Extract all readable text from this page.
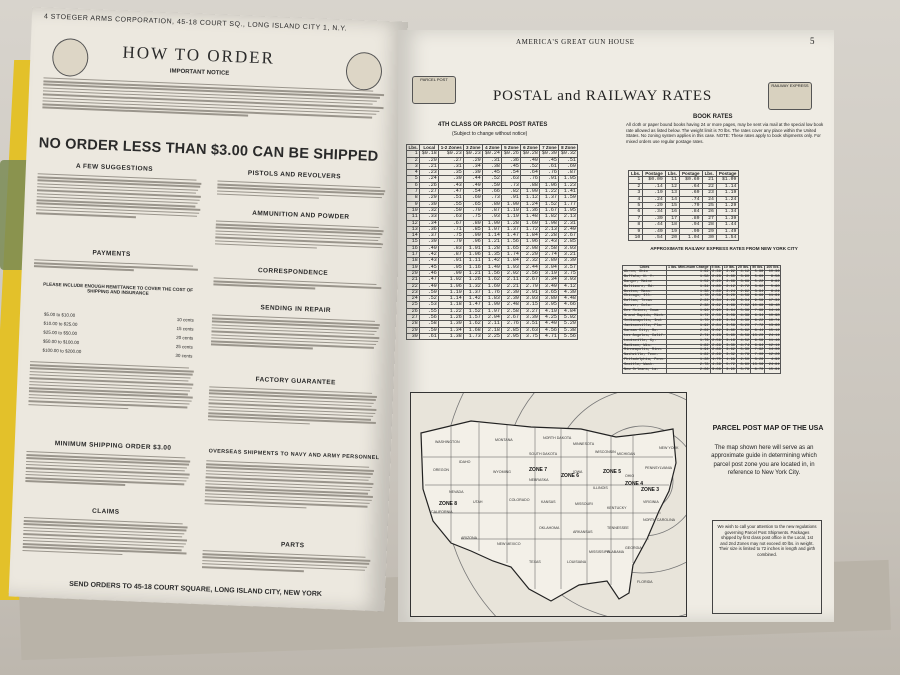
4 STOEGER ARMS CORPORATION, 45-18 COURT SQ., LONG ISLAND CITY 1, N.Y.
HOW TO ORDER
IMPORTANT NOTICE
NO ORDER LESS THAN $3.00 CAN BE SHIPPED
A FEW SUGGESTIONS
PAYMENTS
PLEASE INCLUDE ENOUGH REMITTANCE TO COVER THE COST OF SHIPPING AND INSURANCE
$5.00 to $10.00
10 cents
$10.00 to $25.00
15 cents
$25.00 to $50.00
20 cents
$50.00 to $100.00
25 cents
$100.00 to $200.00
30 cents
MINIMUM SHIPPING ORDER $3.00
CLAIMS
PISTOLS AND REVOLVERS
AMMUNITION AND POWDER
CORRESPONDENCE
SENDING IN REPAIR
FACTORY GUARANTEE
OVERSEAS SHIPMENTS TO NAVY AND ARMY PERSONNEL
PARTS
SEND ORDERS TO 45-18 COURT SQUARE, LONG ISLAND CITY, NEW YORK
AMERICA'S GREAT GUN HOUSE	5
PARCEL POST
RAILWAY EXPRESS
POSTAL and RAILWAY RATES
4TH CLASS OR PARCEL POST RATES
(Subject to change without notice)
Lbs.	Local	1-2 Zones	3 Zone	4 Zone	5 Zone	6 Zone	7 Zone	8 Zone
1	$0.18	$0.23	$0.23	$0.24	$0.26	$0.28	$0.30	$0.32
2	.20	.27	.29	.31	.36	.40	.45	.51
3	.21	.31	.34	.38	.45	.52	.61	.69
4	.23	.35	.39	.45	.54	.64	.76	.87
5	.24	.39	.44	.52	.63	.76	.91	1.05
6	.26	.43	.49	.59	.73	.88	1.06	1.23
7	.27	.47	.54	.66	.82	1.00	1.22	1.41
8	.29	.51	.60	.73	.91	1.12	1.37	1.59
9	.30	.55	.65	.80	1.00	1.24	1.52	1.77
10	.32	.59	.70	.87	1.10	1.36	1.67	1.95
11	.33	.63	.75	.93	1.19	1.48	1.82	2.13
12	.34	.67	.80	1.00	1.28	1.60	1.98	2.31
13	.36	.71	.85	1.07	1.37	1.72	2.13	2.49
14	.37	.75	.90	1.14	1.47	1.84	2.28	2.67
15	.39	.79	.96	1.21	1.56	1.96	2.43	2.85
16	.40	.83	1.01	1.28	1.65	2.08	2.58	3.03
17	.42	.87	1.06	1.35	1.74	2.20	2.74	3.21
18	.43	.91	1.11	1.42	1.84	2.32	2.89	3.39
19	.45	.95	1.16	1.49	1.93	2.44	3.04	3.57
20	.46	.99	1.21	1.56	2.02	2.56	3.19	3.75
21	.47	1.02	1.26	1.62	2.11	2.67	3.34	3.93
22	.49	1.06	1.32	1.69	2.21	2.79	3.49	4.12
23	.50	1.10	1.37	1.76	2.30	2.91	3.65	4.30
24	.52	1.14	1.42	1.83	2.39	3.03	3.80	4.48
25	.53	1.18	1.47	1.90	2.48	3.15	3.95	4.66
26	.55	1.22	1.52	1.97	2.58	3.27	4.10	4.84
27	.56	1.26	1.57	2.04	2.67	3.39	4.25	5.02
28	.58	1.30	1.62	2.11	2.76	3.51	4.40	5.20
29	.59	1.34	1.68	2.18	2.85	3.63	4.56	5.38
30	.61	1.38	1.73	2.25	2.95	3.75	4.71	5.56
BOOK RATES
All cloth or paper bound books having 24 or more pages, may be sent via mail at the special low book rate allowed as listed below. The weight limit is 70 lbs. The rates cover any place within the United States. No zoning system applies in this case. NOTE: These rates apply to book shipments only. For mixed orders use regular postage rates.
Lbs.	Postage	Lbs.	Postage	Lbs.	Postage
1	$0.09	11	$0.69	21	$1.09
2	.14	12	.64	22	1.14
3	.19	13	.69	23	1.19
4	.24	14	.74	24	1.24
5	.29	15	.79	25	1.29
6	.34	16	.84	26	1.34
7	.39	17	.89	27	1.39
8	.44	18	.94	28	1.44
9	.49	19	.99	29	1.49
10	.54	20	1.04	30	1.54
APPROXIMATE RAILWAY EXPRESS RATES FROM NEW YORK CITY
Cities	1 lbs. Mini-mum Charge	5 lbs.	10 lbs.	25 lbs.	50 lbs.	100 lbs.
Akron, Ohio	1.62	2.36	2.92	4.12	5.98	10.36
Buffalo, N. Y.	1.58	2.28	2.80	3.90	5.60	9.58
Bangor, Maine	1.52	2.20	2.68	3.68	5.22	8.82
Baltimore, Md.	1.34	1.80	2.12	2.72	3.62	5.60
Boston, Mass.	1.38	1.88	2.24	2.92	3.94	6.24
Chicago, Ill.	1.78	2.58	3.20	4.56	6.66	11.64
Dallas, Texas	2.22	3.34	4.26	6.34	9.58	17.32
Denver, Colo.	2.38	3.62	4.66	7.02	10.68	19.48
Des Moines, Iowa	1.96	2.90	3.64	5.36	7.98	14.16
Grand Rapids, Mich.	1.72	2.50	3.08	4.38	6.34	10.98
Indianapolis, Ind.	1.70	2.46	3.04	4.30	6.22	10.74
Jacksonville, Fla.	1.92	2.84	3.56	5.20	7.72	13.66
Kansas City, Mo.	2.02	3.02	3.80	5.62	8.44	15.12
Los Angeles, Calif.	2.74	4.28	5.60	8.58	13.20	24.14
Louisville, Ky.	1.76	2.56	3.18	4.52	6.58	11.46
Madison, Wis.	1.82	2.66	3.30	4.74	6.94	12.14
Minneapolis, Minn.	1.94	2.88	3.62	5.30	7.92	14.06
Nashville, Tenn.	1.82	2.66	3.32	4.78	7.00	12.26
Philadelphia, Penn.	1.28	1.70	1.98	2.50	3.26	4.92
Seattle, Wash.	2.78	4.36	5.72	8.80	13.56	24.84
New Orleans, La.	2.06	3.08	3.90	5.78	8.70	15.64
WASHINGTON
OREGON
IDAHO
MONTANA	NORTH DAKOTA
MINNESOTA
WISCONSIN MICHIGAN
CALIFORNIA
NEVADA
UTAH
WYOMING
SOUTH DAKOTA
NEBRASKA
IOWA
ILLINOIS
OHIO
PENNSYLVANIA
NEW YORK
ARIZONA
NEW MEXICO
COLORADO	KANSAS	MISSOURI
KENTUCKY
VIRGINIA
OKLAHOMA
ARKANSAS
TENNESSEE
NORTH CAROLINA
TEXAS	LOUISIANA
MISSISSIPPI
ALABAMA
GEORGIA
FLORIDA
ZONE 8
ZONE 7
ZONE 6
ZONE 5
ZONE 4
ZONE 3
PARCEL POST MAP OF THE USA
The map shown here will serve as an approximate guide in determining which parcel post zone you are located in, in reference to New York City.
We wish to call your attention to the new regulations governing Parcel Post Shipments. Packages shipped by first class post office in the Local, 1st and 2nd Zones may not exceed 40 lbs. in weight. Their size is limited to 72 inches in length and girth combined.
